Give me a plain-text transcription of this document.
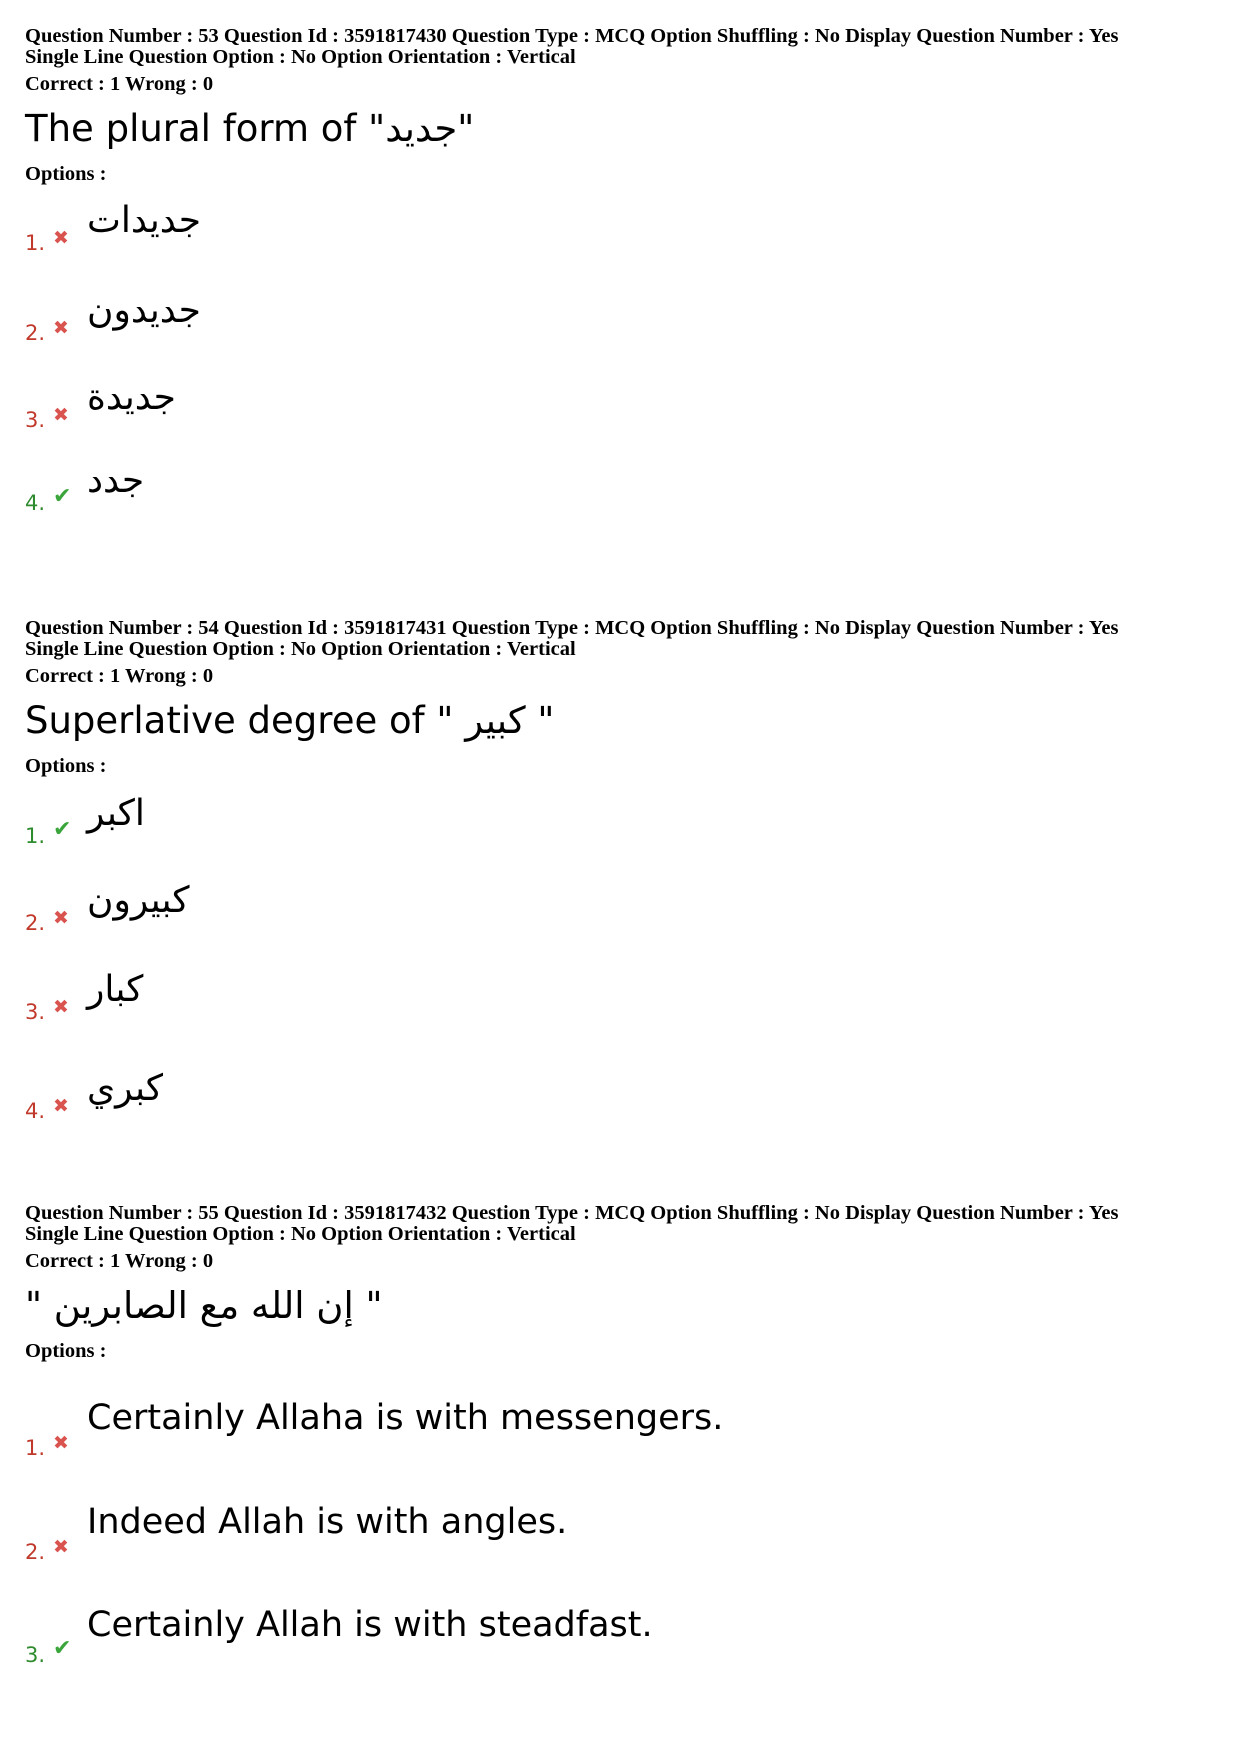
Question Number : 53 Question Id : 3591817430 Question Type : MCQ Option Shuffling : No Display Question Number : Yes
Single Line Question Option : No Option Orientation : Vertical
Correct : 1 Wrong : 0
The plural form of "جديد"
Options :
1. ✖ جديدات
2. ✖ جديدون
3. ✖ جديدة
4. ✔ جدد
Question Number : 54 Question Id : 3591817431 Question Type : MCQ Option Shuffling : No Display Question Number : Yes
Single Line Question Option : No Option Orientation : Vertical
Correct : 1 Wrong : 0
Superlative degree of " كبير "
Options :
1. ✔ اكبر
2. ✖ كبيرون
3. ✖ كبار
4. ✖ كبري
Question Number : 55 Question Id : 3591817432 Question Type : MCQ Option Shuffling : No Display Question Number : Yes
Single Line Question Option : No Option Orientation : Vertical
Correct : 1 Wrong : 0
" إن الله مع الصابرين "
Options :
1. ✖
Certainly Allaha is with messengers.
2. ✖
Indeed Allah is with angles.
3. ✔
Certainly Allah is with steadfast.
